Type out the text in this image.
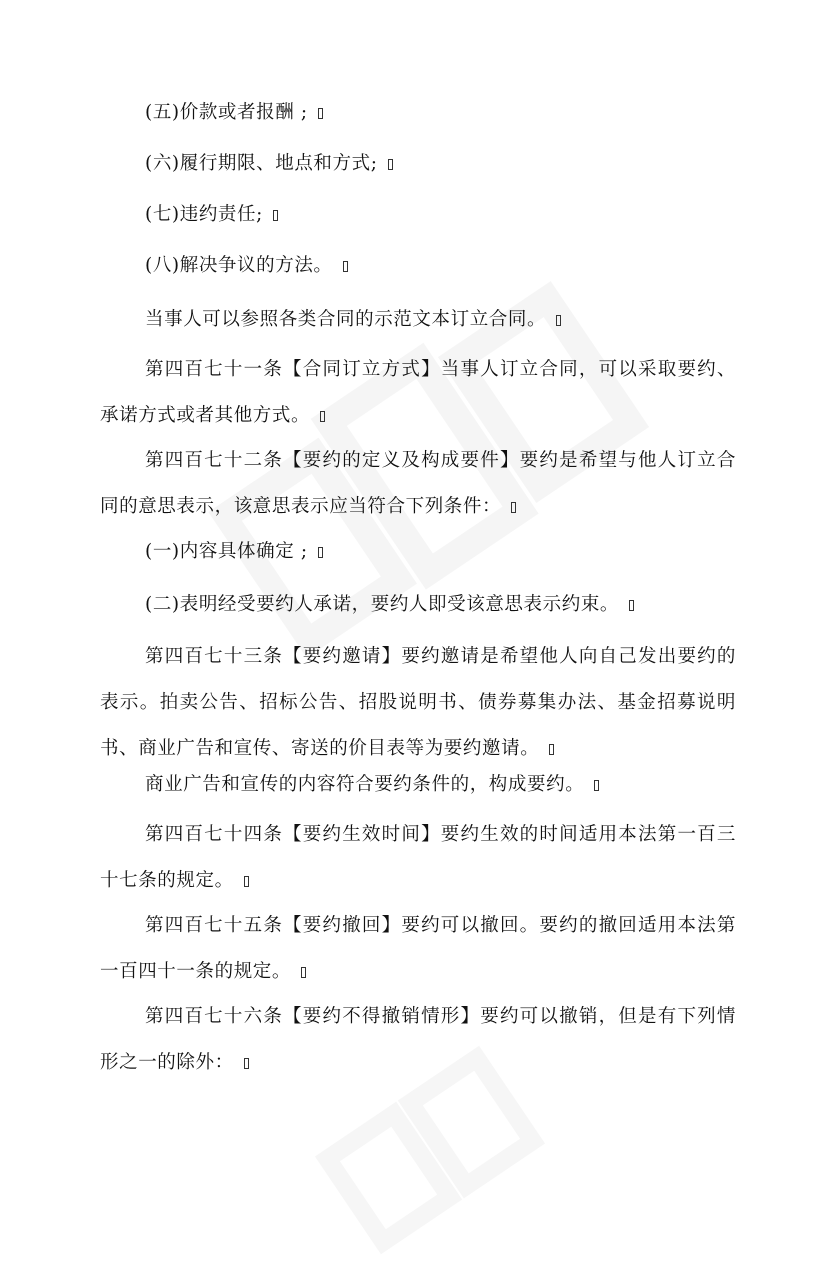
(五)价款或者报酬 ;
(六)履行期限、地点和方式;
(七)违约责任;
(八)解决争议的方法。
当事人可以参照各类合同的示范文本订立合同。
第四百七十一条【合同订立方式】当事人订立合同，可以采取要约、承诺方式或者其他方式。
第四百七十二条【要约的定义及构成要件】要约是希望与他人订立合同的意思表示，该意思表示应当符合下列条件：
(一)内容具体确定 ;
(二)表明经受要约人承诺，要约人即受该意思表示约束。
第四百七十三条【要约邀请】要约邀请是希望他人向自己发出要约的表示。拍卖公告、招标公告、招股说明书、债券募集办法、基金招募说明书、商业广告和宣传、寄送的价目表等为要约邀请。
商业广告和宣传的内容符合要约条件的，构成要约。
第四百七十四条【要约生效时间】要约生效的时间适用本法第一百三十七条的规定。
第四百七十五条【要约撤回】要约可以撤回。要约的撤回适用本法第一百四十一条的规定。
第四百七十六条【要约不得撤销情形】要约可以撤销，但是有下列情形之一的除外：
